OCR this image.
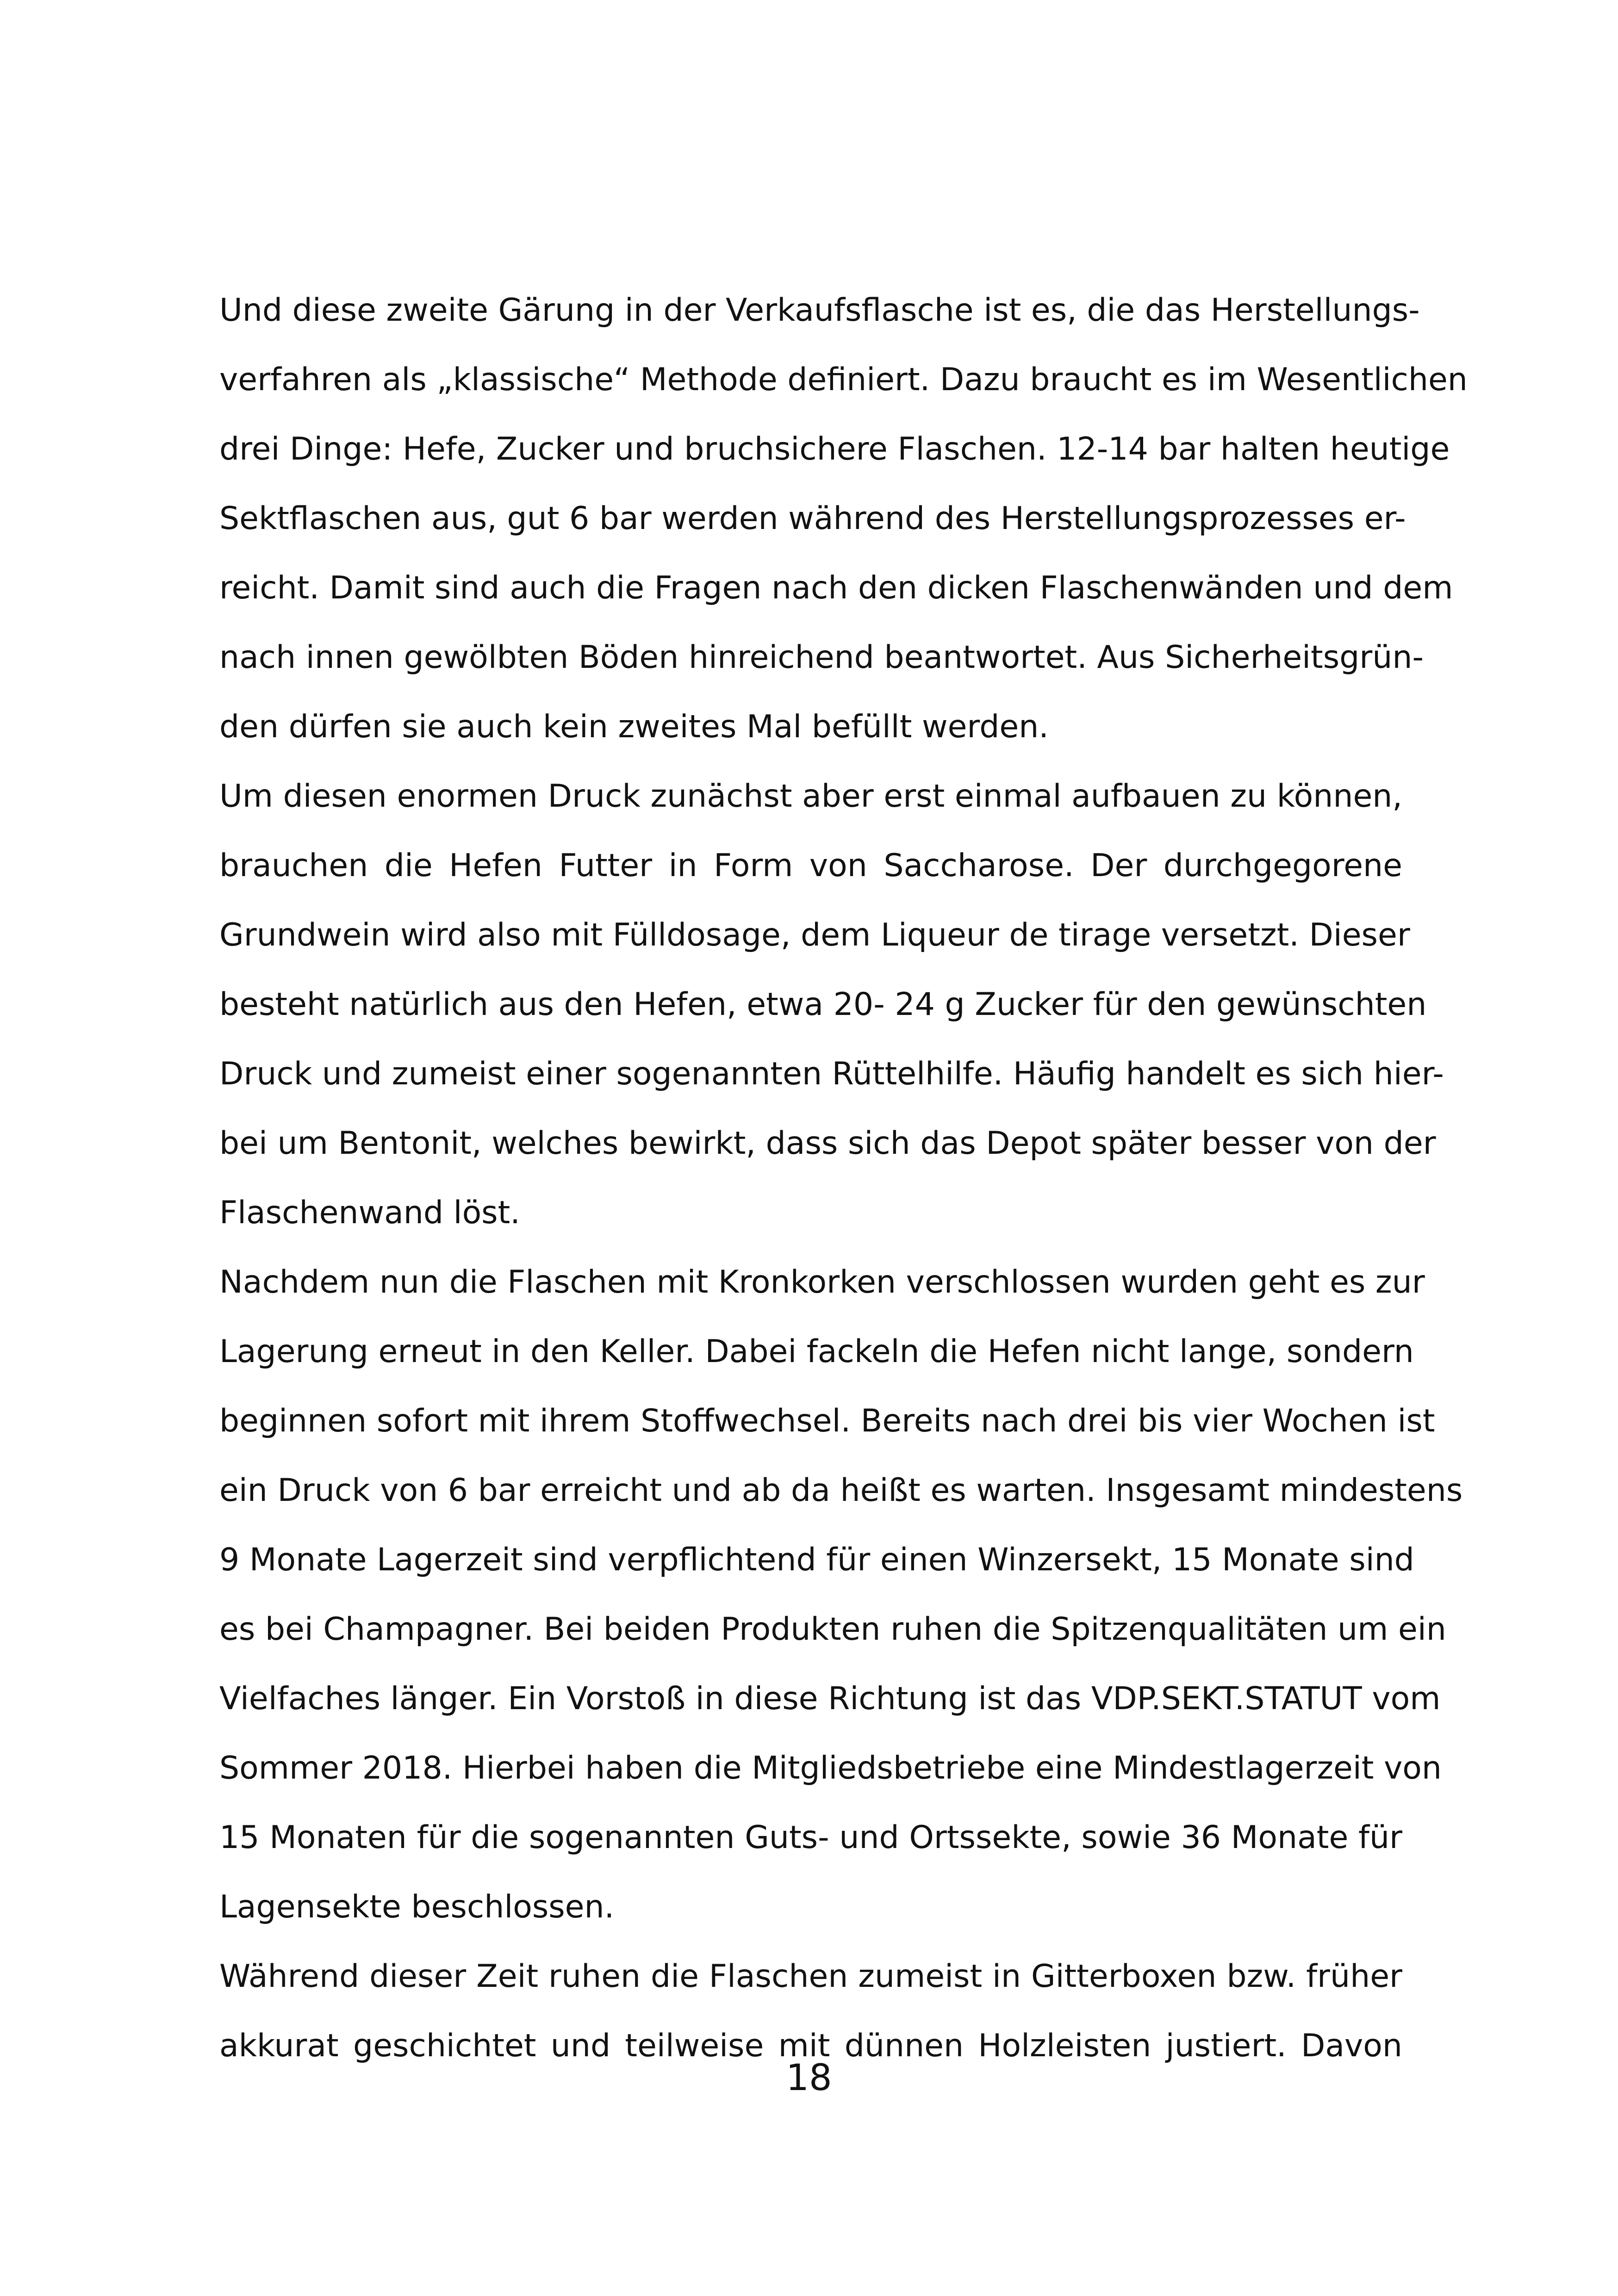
Und diese zweite Gärung in der Verkaufsflasche ist es, die das Herstellungs-
verfahren als „klassische“ Methode definiert. Dazu braucht es im Wesentlichen
drei Dinge: Hefe, Zucker und bruchsichere Flaschen. 12-14 bar halten heutige
Sektflaschen aus, gut 6 bar werden während des Herstellungsprozesses er-
reicht. Damit sind auch die Fragen nach den dicken Flaschenwänden und dem
nach innen gewölbten Böden hinreichend beantwortet. Aus Sicherheitsgrün-
den dürfen sie auch kein zweites Mal befüllt werden.
Um diesen enormen Druck zunächst aber erst einmal aufbauen zu können,
brauchen die Hefen Futter in Form von Saccharose. Der durchgegorene
Grundwein wird also mit Fülldosage, dem Liqueur de tirage versetzt. Dieser
besteht natürlich aus den Hefen, etwa 20- 24 g Zucker für den gewünschten
Druck und zumeist einer sogenannten Rüttelhilfe. Häufig handelt es sich hier-
bei um Bentonit, welches bewirkt, dass sich das Depot später besser von der
Flaschenwand löst.
Nachdem nun die Flaschen mit Kronkorken verschlossen wurden geht es zur
Lagerung erneut in den Keller. Dabei fackeln die Hefen nicht lange, sondern
beginnen sofort mit ihrem Stoffwechsel. Bereits nach drei bis vier Wochen ist
ein Druck von 6 bar erreicht und ab da heißt es warten. Insgesamt mindestens
9 Monate Lagerzeit sind verpflichtend für einen Winzersekt, 15 Monate sind
es bei Champagner. Bei beiden Produkten ruhen die Spitzenqualitäten um ein
Vielfaches länger. Ein Vorstoß in diese Richtung ist das VDP.SEKT.STATUT vom
Sommer 2018. Hierbei haben die Mitgliedsbetriebe eine Mindestlagerzeit von
15 Monaten für die sogenannten Guts- und Ortssekte, sowie 36 Monate für
Lagensekte beschlossen.
Während dieser Zeit ruhen die Flaschen zumeist in Gitterboxen bzw. früher
akkurat geschichtet und teilweise mit dünnen Holzleisten justiert. Davon
18
